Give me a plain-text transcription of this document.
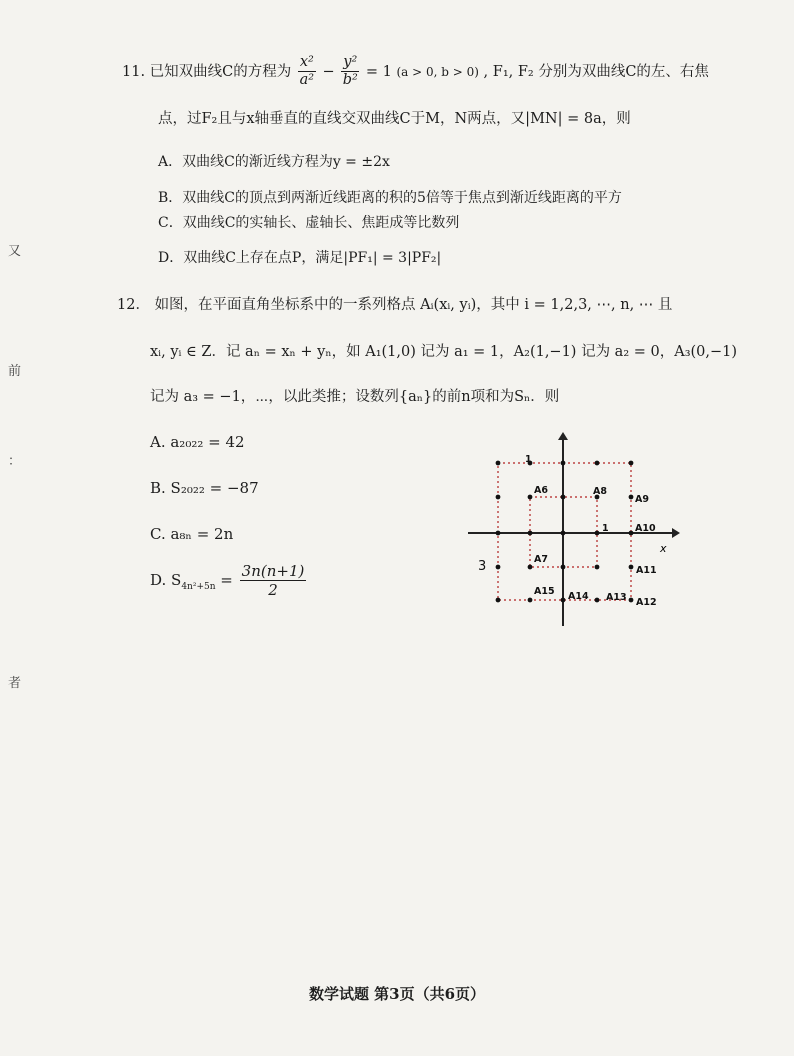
11. 已知双曲线C的方程为 $\frac{\text{x²}}{\text{a²}} - \frac{\text{y²}}{\text{b²}} = 1$ (a > 0, b > 0) , F₁, F₂ 分别为双曲线C的左、右焦
点，过F₂且与x轴垂直的直线交双曲线C于M，N两点，又|MN| = 8a，则
A．双曲线C的渐近线方程为y = ±2x
B．双曲线C的顶点到两渐近线距离的积的5倍等于焦点到渐近线距离的平方
C．双曲线C的实轴长、虚轴长、焦距成等比数列
D．双曲线C上存在点P，满足|PF₁| = 3|PF₂|
12． 如图，在平面直角坐标系中的一系列格点 Aᵢ(xᵢ, yᵢ)，其中 i = 1,2,3, ⋯, n, ⋯ 且
xᵢ, yᵢ ∈ Z．记 aₙ = xₙ + yₙ，如 A₁(1,0) 记为 a₁ = 1，A₂(1,−1) 记为 a₂ = 0，A₃(0,−1)
记为 a₃ = −1，⋯，以此类推；设数列{aₙ}的前n项和为Sₙ．则
A. a₂₀₂₂ = 42
B. S₂₀₂₂ = −87
C. a₈ₙ = 2n
D. $S_{4n^2+5n} = \frac{3n(n+1)}{2}$
x
A6	A8
A9
A10
A11
A12
A13
A14
A15
A7
1
1
3
又
前
：
者
数学试题 第3页（共6页）
